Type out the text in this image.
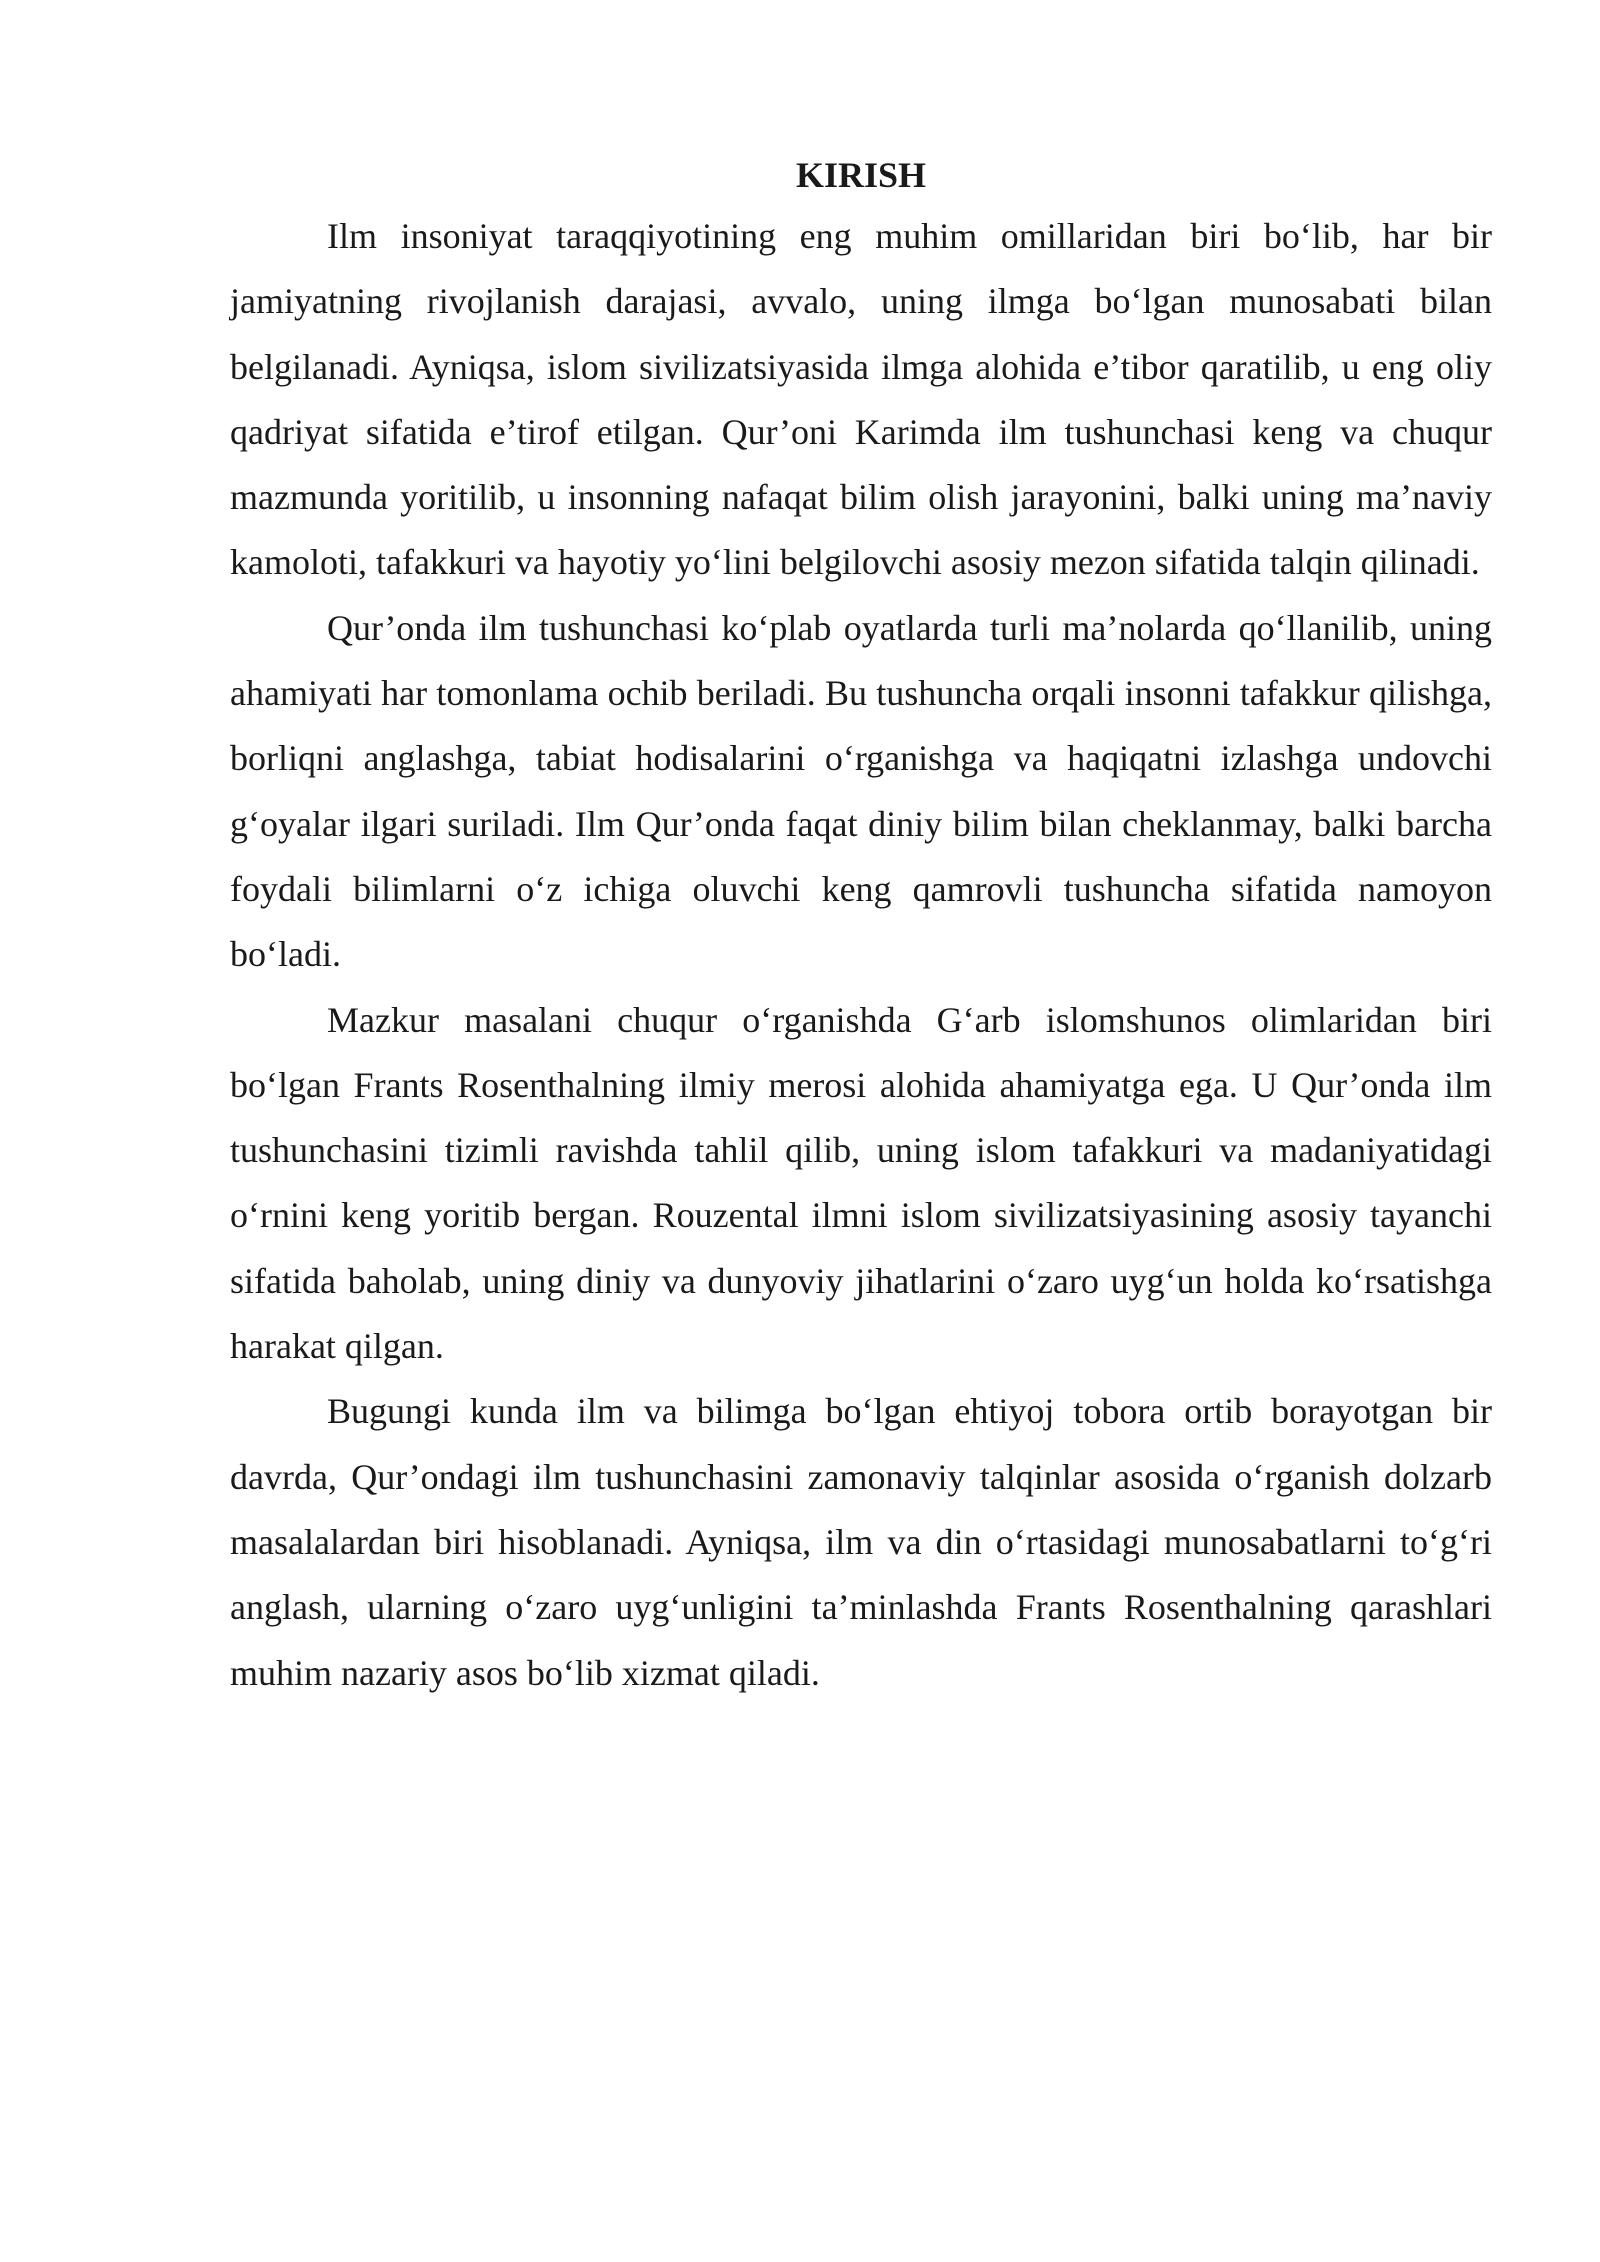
KIRISH

Ilm insoniyat taraqqiyotining eng muhim omillaridan biri bo‘lib, har bir jamiyatning rivojlanish darajasi, avvalo, uning ilmga bo‘lgan munosabati bilan belgilanadi. Ayniqsa, islom sivilizatsiyasida ilmga alohida e’tibor qaratilib, u eng oliy qadriyat sifatida e’tirof etilgan. Qur’oni Karimda ilm tushunchasi keng va chuqur mazmunda yoritilib, u insonning nafaqat bilim olish jarayonini, balki uning ma’naviy kamoloti, tafakkuri va hayotiy yo‘lini belgilovchi asosiy mezon sifatida talqin qilinadi.

Qur’onda ilm tushunchasi ko‘plab oyatlarda turli ma’nolarda qo‘llanilib, uning ahamiyati har tomonlama ochib beriladi. Bu tushuncha orqali insonni tafakkur qilishga, borliqni anglashga, tabiat hodisalarini o‘rganishga va haqiqatni izlashga undovchi g‘oyalar ilgari suriladi. Ilm Qur’onda faqat diniy bilim bilan cheklanmay, balki barcha foydali bilimlarni o‘z ichiga oluvchi keng qamrovli tushuncha sifatida namoyon bo‘ladi.

Mazkur masalani chuqur o‘rganishda G‘arb islomshunos olimlaridan biri bo‘lgan Frants Rosenthalning ilmiy merosi alohida ahamiyatga ega. U Qur’onda ilm tushunchasini tizimli ravishda tahlil qilib, uning islom tafakkuri va madaniyatidagi o‘rnini keng yoritib bergan. Rouzental ilmni islom sivilizatsiyasining asosiy tayanchi sifatida baholab, uning diniy va dunyoviy jihatlarini o‘zaro uyg‘un holda ko‘rsatishga harakat qilgan.

Bugungi kunda ilm va bilimga bo‘lgan ehtiyoj tobora ortib borayotgan bir davrda, Qur’ondagi ilm tushunchasini zamonaviy talqinlar asosida o‘rganish dolzarb masalalardan biri hisoblanadi. Ayniqsa, ilm va din o‘rtasidagi munosabatlarni to‘g‘ri anglash, ularning o‘zaro uyg‘unligini ta’minlashda Frants Rosenthalning qarashlari muhim nazariy asos bo‘lib xizmat qiladi.
